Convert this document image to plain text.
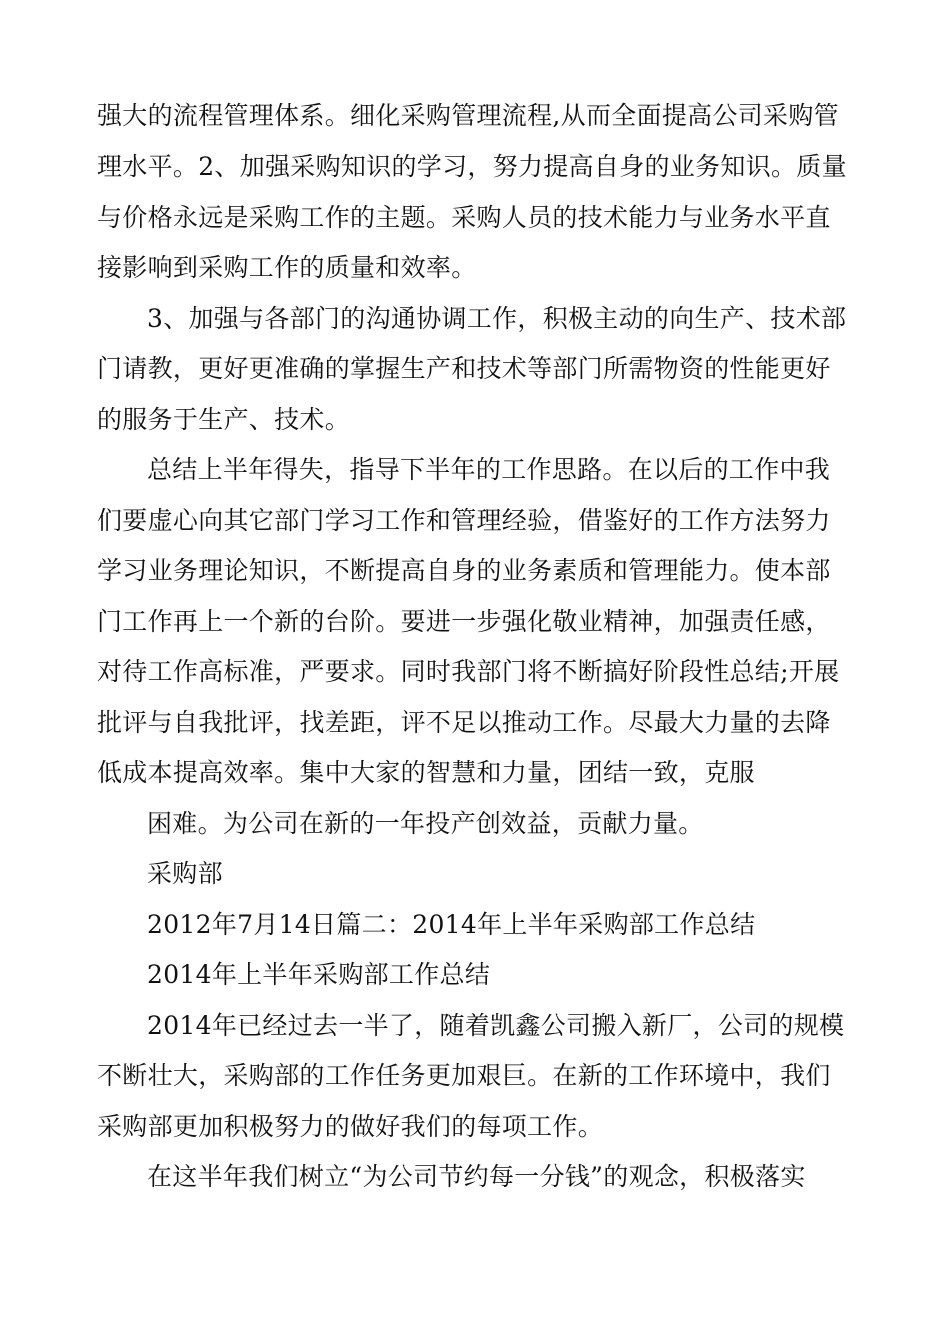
强大的流程管理体系。细化采购管理流程,从而全面提高公司采购管
理水平。2、加强采购知识的学习，努力提高自身的业务知识。质量
与价格永远是采购工作的主题。采购人员的技术能力与业务水平直
接影响到采购工作的质量和效率。
3、加强与各部门的沟通协调工作，积极主动的向生产、技术部
门请教，更好更准确的掌握生产和技术等部门所需物资的性能更好
的服务于生产、技术。
总结上半年得失，指导下半年的工作思路。在以后的工作中我
们要虚心向其它部门学习工作和管理经验，借鉴好的工作方法努力
学习业务理论知识，不断提高自身的业务素质和管理能力。使本部
门工作再上一个新的台阶。要进一步强化敬业精神，加强责任感，
对待工作高标准，严要求。同时我部门将不断搞好阶段性总结;开展
批评与自我批评，找差距，评不足以推动工作。尽最大力量的去降
低成本提高效率。集中大家的智慧和力量，团结一致，克服
困难。为公司在新的一年投产创效益，贡献力量。
采购部
2012年7月14日篇二：2014年上半年采购部工作总结
2014年上半年采购部工作总结
2014年已经过去一半了，随着凯鑫公司搬入新厂，公司的规模
不断壮大，采购部的工作任务更加艰巨。在新的工作环境中，我们
采购部更加积极努力的做好我们的每项工作。
在这半年我们树立“为公司节约每一分钱”的观念，积极落实
